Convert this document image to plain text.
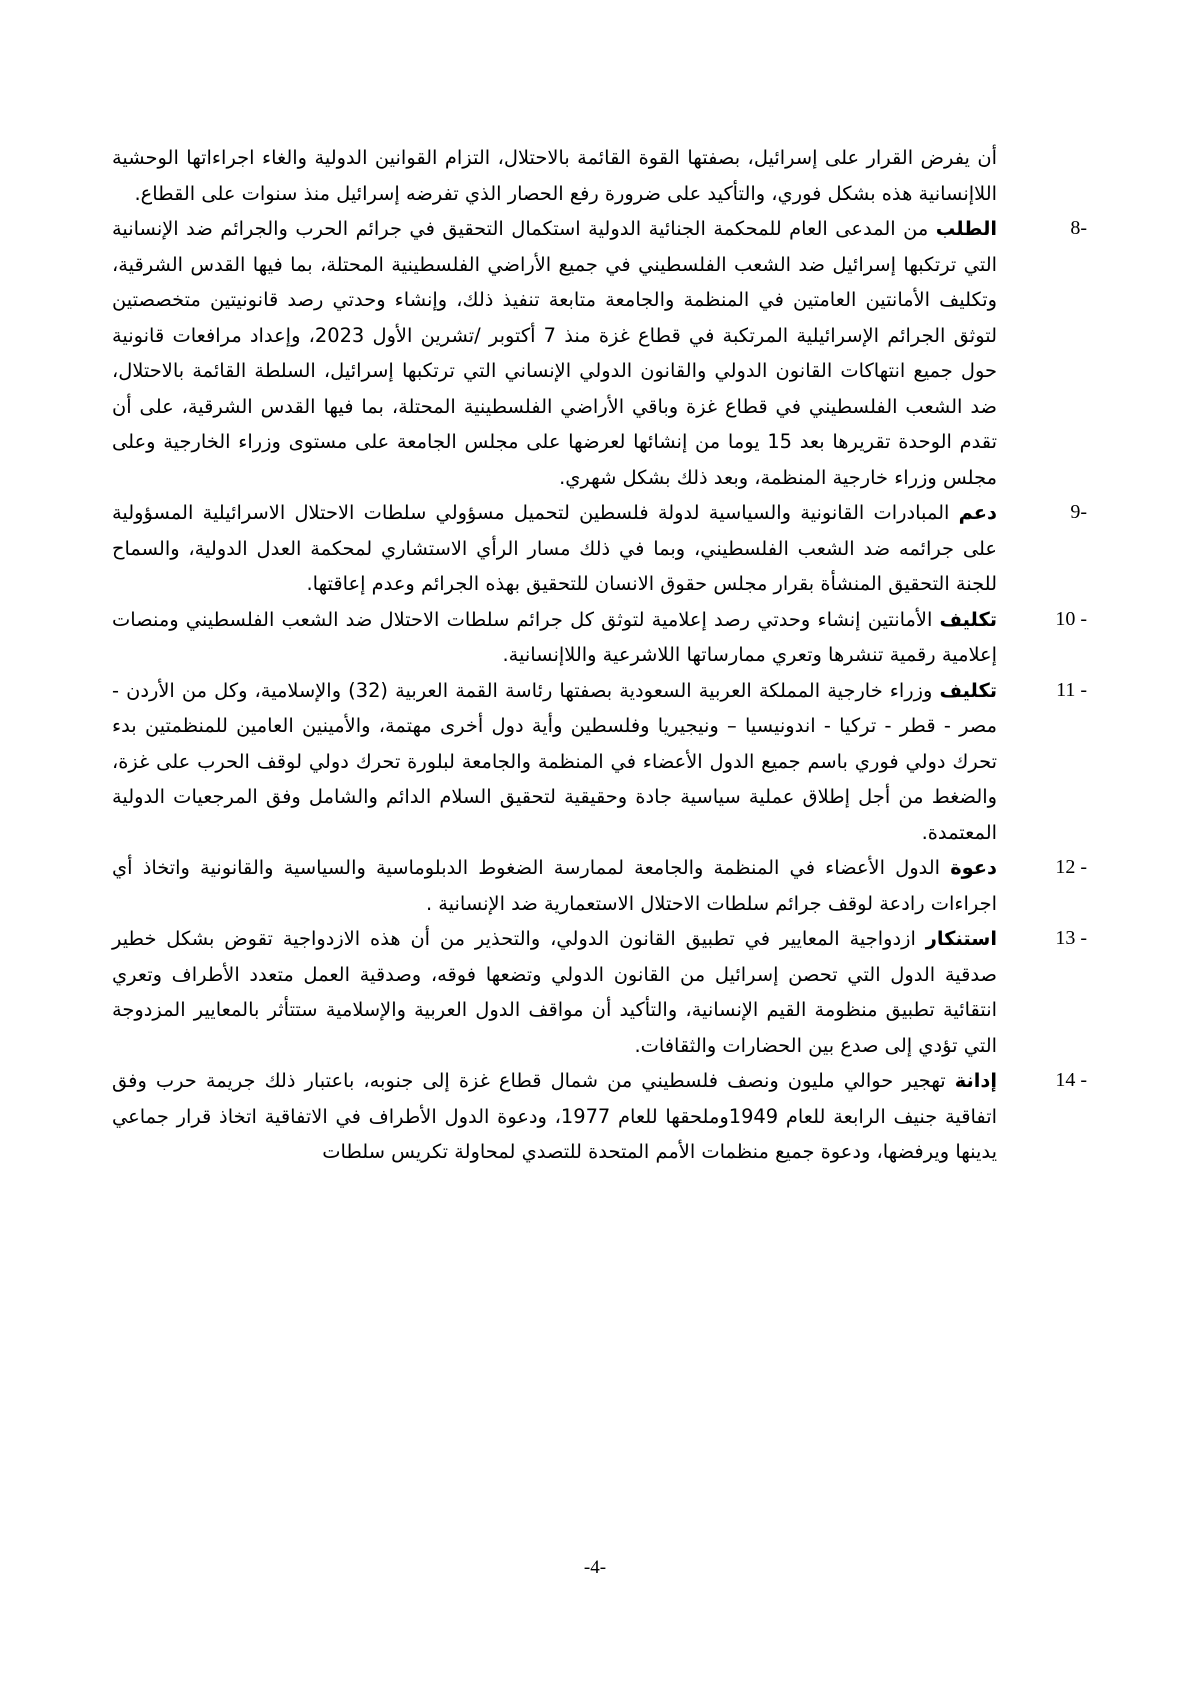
أن يفرض القرار على إسرائيل، بصفتها القوة القائمة بالاحتلال، التزام القوانين الدولية والغاء اجراءاتها الوحشية اللاإنسانية هذه بشكل فوري، والتأكيد على ضرورة رفع الحصار الذي تفرضه إسرائيل منذ سنوات على القطاع.
8-
الطلب من المدعى العام للمحكمة الجنائية الدولية استكمال التحقيق في جرائم الحرب والجرائم ضد الإنسانية التي ترتكبها إسرائيل ضد الشعب الفلسطيني في جميع الأراضي الفلسطينية المحتلة، بما فيها القدس الشرقية، وتكليف الأمانتين العامتين في المنظمة والجامعة متابعة تنفيذ ذلك، وإنشاء وحدتي رصد قانونيتين متخصصتين لتوثق الجرائم الإسرائيلية المرتكبة في قطاع غزة منذ 7 أكتوبر /تشرين الأول 2023، وإعداد مرافعات قانونية حول جميع انتهاكات القانون الدولي والقانون الدولي الإنساني التي ترتكبها إسرائيل، السلطة القائمة بالاحتلال، ضد الشعب الفلسطيني في قطاع غزة وباقي الأراضي الفلسطينية المحتلة، بما فيها القدس الشرقية، على أن تقدم الوحدة تقريرها بعد 15 يوما من إنشائها لعرضها على مجلس الجامعة على مستوى وزراء الخارجية وعلى مجلس وزراء خارجية المنظمة، وبعد ذلك بشكل شهري.
9-
دعم المبادرات القانونية والسياسية لدولة فلسطين لتحميل مسؤولي سلطات الاحتلال الاسرائيلية المسؤولية على جرائمه ضد الشعب الفلسطيني، وبما في ذلك مسار الرأي الاستشاري لمحكمة العدل الدولية، والسماح للجنة التحقيق المنشأة بقرار مجلس حقوق الانسان للتحقيق بهذه الجرائم وعدم إعاقتها.
10 -
تكليف الأمانتين إنشاء وحدتي رصد إعلامية لتوثق كل جرائم سلطات الاحتلال ضد الشعب الفلسطيني ومنصات إعلامية رقمية تنشرها وتعري ممارساتها اللاشرعية واللاإنسانية.
11 -
تكليف وزراء خارجية المملكة العربية السعودية بصفتها رئاسة القمة العربية (32) والإسلامية، وكل من الأردن - مصر - قطر - تركيا - اندونيسيا – ونيجيريا وفلسطين وأية دول أخرى مهتمة، والأمينين العامين للمنظمتين بدء تحرك دولي فوري باسم جميع الدول الأعضاء في المنظمة والجامعة لبلورة تحرك دولي لوقف الحرب على غزة، والضغط من أجل إطلاق عملية سياسية جادة وحقيقية لتحقيق السلام الدائم والشامل وفق المرجعيات الدولية المعتمدة.
12 -
دعوة الدول الأعضاء في المنظمة والجامعة لممارسة الضغوط الدبلوماسية والسياسية والقانونية واتخاذ أي اجراءات رادعة لوقف جرائم سلطات الاحتلال الاستعمارية ضد الإنسانية .
13 -
استنكار ازدواجية المعايير في تطبيق القانون الدولي، والتحذير من أن هذه الازدواجية تقوض بشكل خطير صدقية الدول التي تحصن إسرائيل من القانون الدولي وتضعها فوقه، وصدقية العمل متعدد الأطراف وتعري انتقائية تطبيق منظومة القيم الإنسانية، والتأكيد أن مواقف الدول العربية والإسلامية ستتأثر بالمعايير المزدوجة التي تؤدي إلى صدع بين الحضارات والثقافات.
14 -
إدانة تهجير حوالي مليون ونصف فلسطيني من شمال قطاع غزة إلى جنوبه، باعتبار ذلك جريمة حرب وفق اتفاقية جنيف الرابعة للعام 1949وملحقها للعام 1977، ودعوة الدول الأطراف في الاتفاقية اتخاذ قرار جماعي يدينها ويرفضها، ودعوة جميع منظمات الأمم المتحدة للتصدي لمحاولة تكريس سلطات
-4-
